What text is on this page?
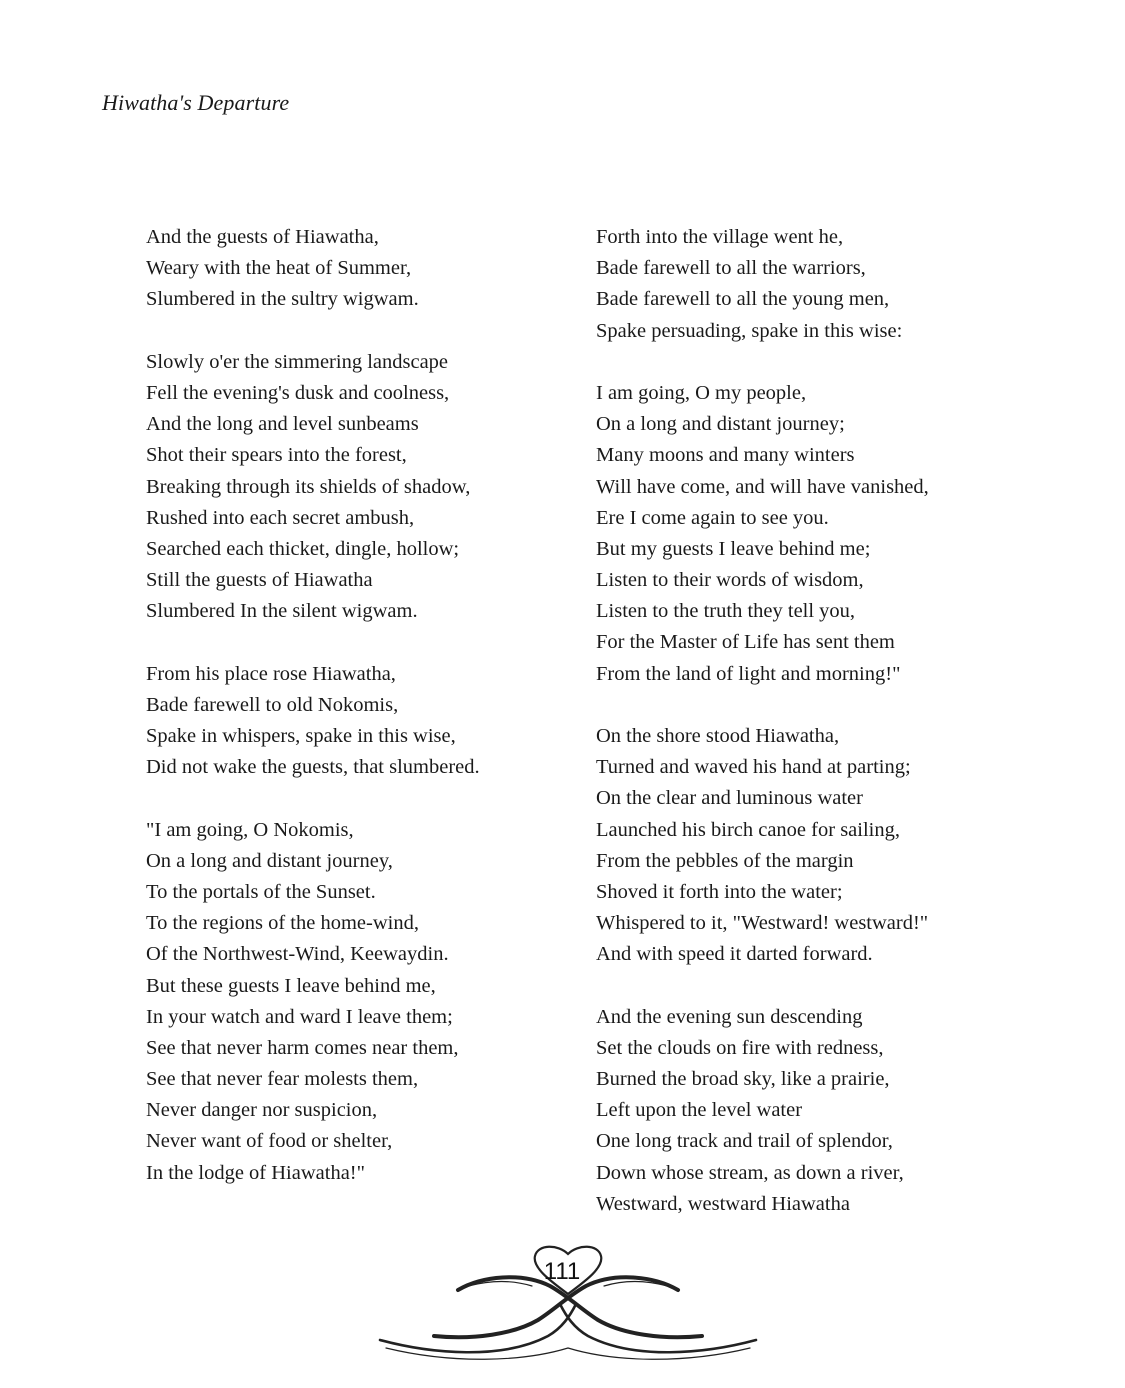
Hiwatha's Departure
And the guests of Hiawatha,
Weary with the heat of Summer,
Slumbered in the sultry wigwam.
Slowly o'er the simmering landscape
Fell the evening's dusk and coolness,
And the long and level sunbeams
Shot their spears into the forest,
Breaking through its shields of shadow,
Rushed into each secret ambush,
Searched each thicket, dingle, hollow;
Still the guests of Hiawatha
Slumbered In the silent wigwam.
From his place rose Hiawatha,
Bade farewell to old Nokomis,
Spake in whispers, spake in this wise,
Did not wake the guests, that slumbered.
"I am going, O Nokomis,
On a long and distant journey,
To the portals of the Sunset.
To the regions of the home-wind,
Of the Northwest-Wind, Keewaydin.
But these guests I leave behind me,
In your watch and ward I leave them;
See that never harm comes near them,
See that never fear molests them,
Never danger nor suspicion,
Never want of food or shelter,
In the lodge of Hiawatha!"
Forth into the village went he,
Bade farewell to all the warriors,
Bade farewell to all the young men,
Spake persuading, spake in this wise:
I am going, O my people,
On a long and distant journey;
Many moons and many winters
Will have come, and will have vanished,
Ere I come again to see you.
But my guests I leave behind me;
Listen to their words of wisdom,
Listen to the truth they tell you,
For the Master of Life has sent them
From the land of light and morning!"
On the shore stood Hiawatha,
Turned and waved his hand at parting;
On the clear and luminous water
Launched his birch canoe for sailing,
From the pebbles of the margin
Shoved it forth into the water;
Whispered to it, "Westward! westward!"
And with speed it darted forward.
And the evening sun descending
Set the clouds on fire with redness,
Burned the broad sky, like a prairie,
Left upon the level water
One long track and trail of splendor,
Down whose stream, as down a river,
Westward, westward Hiawatha
111
